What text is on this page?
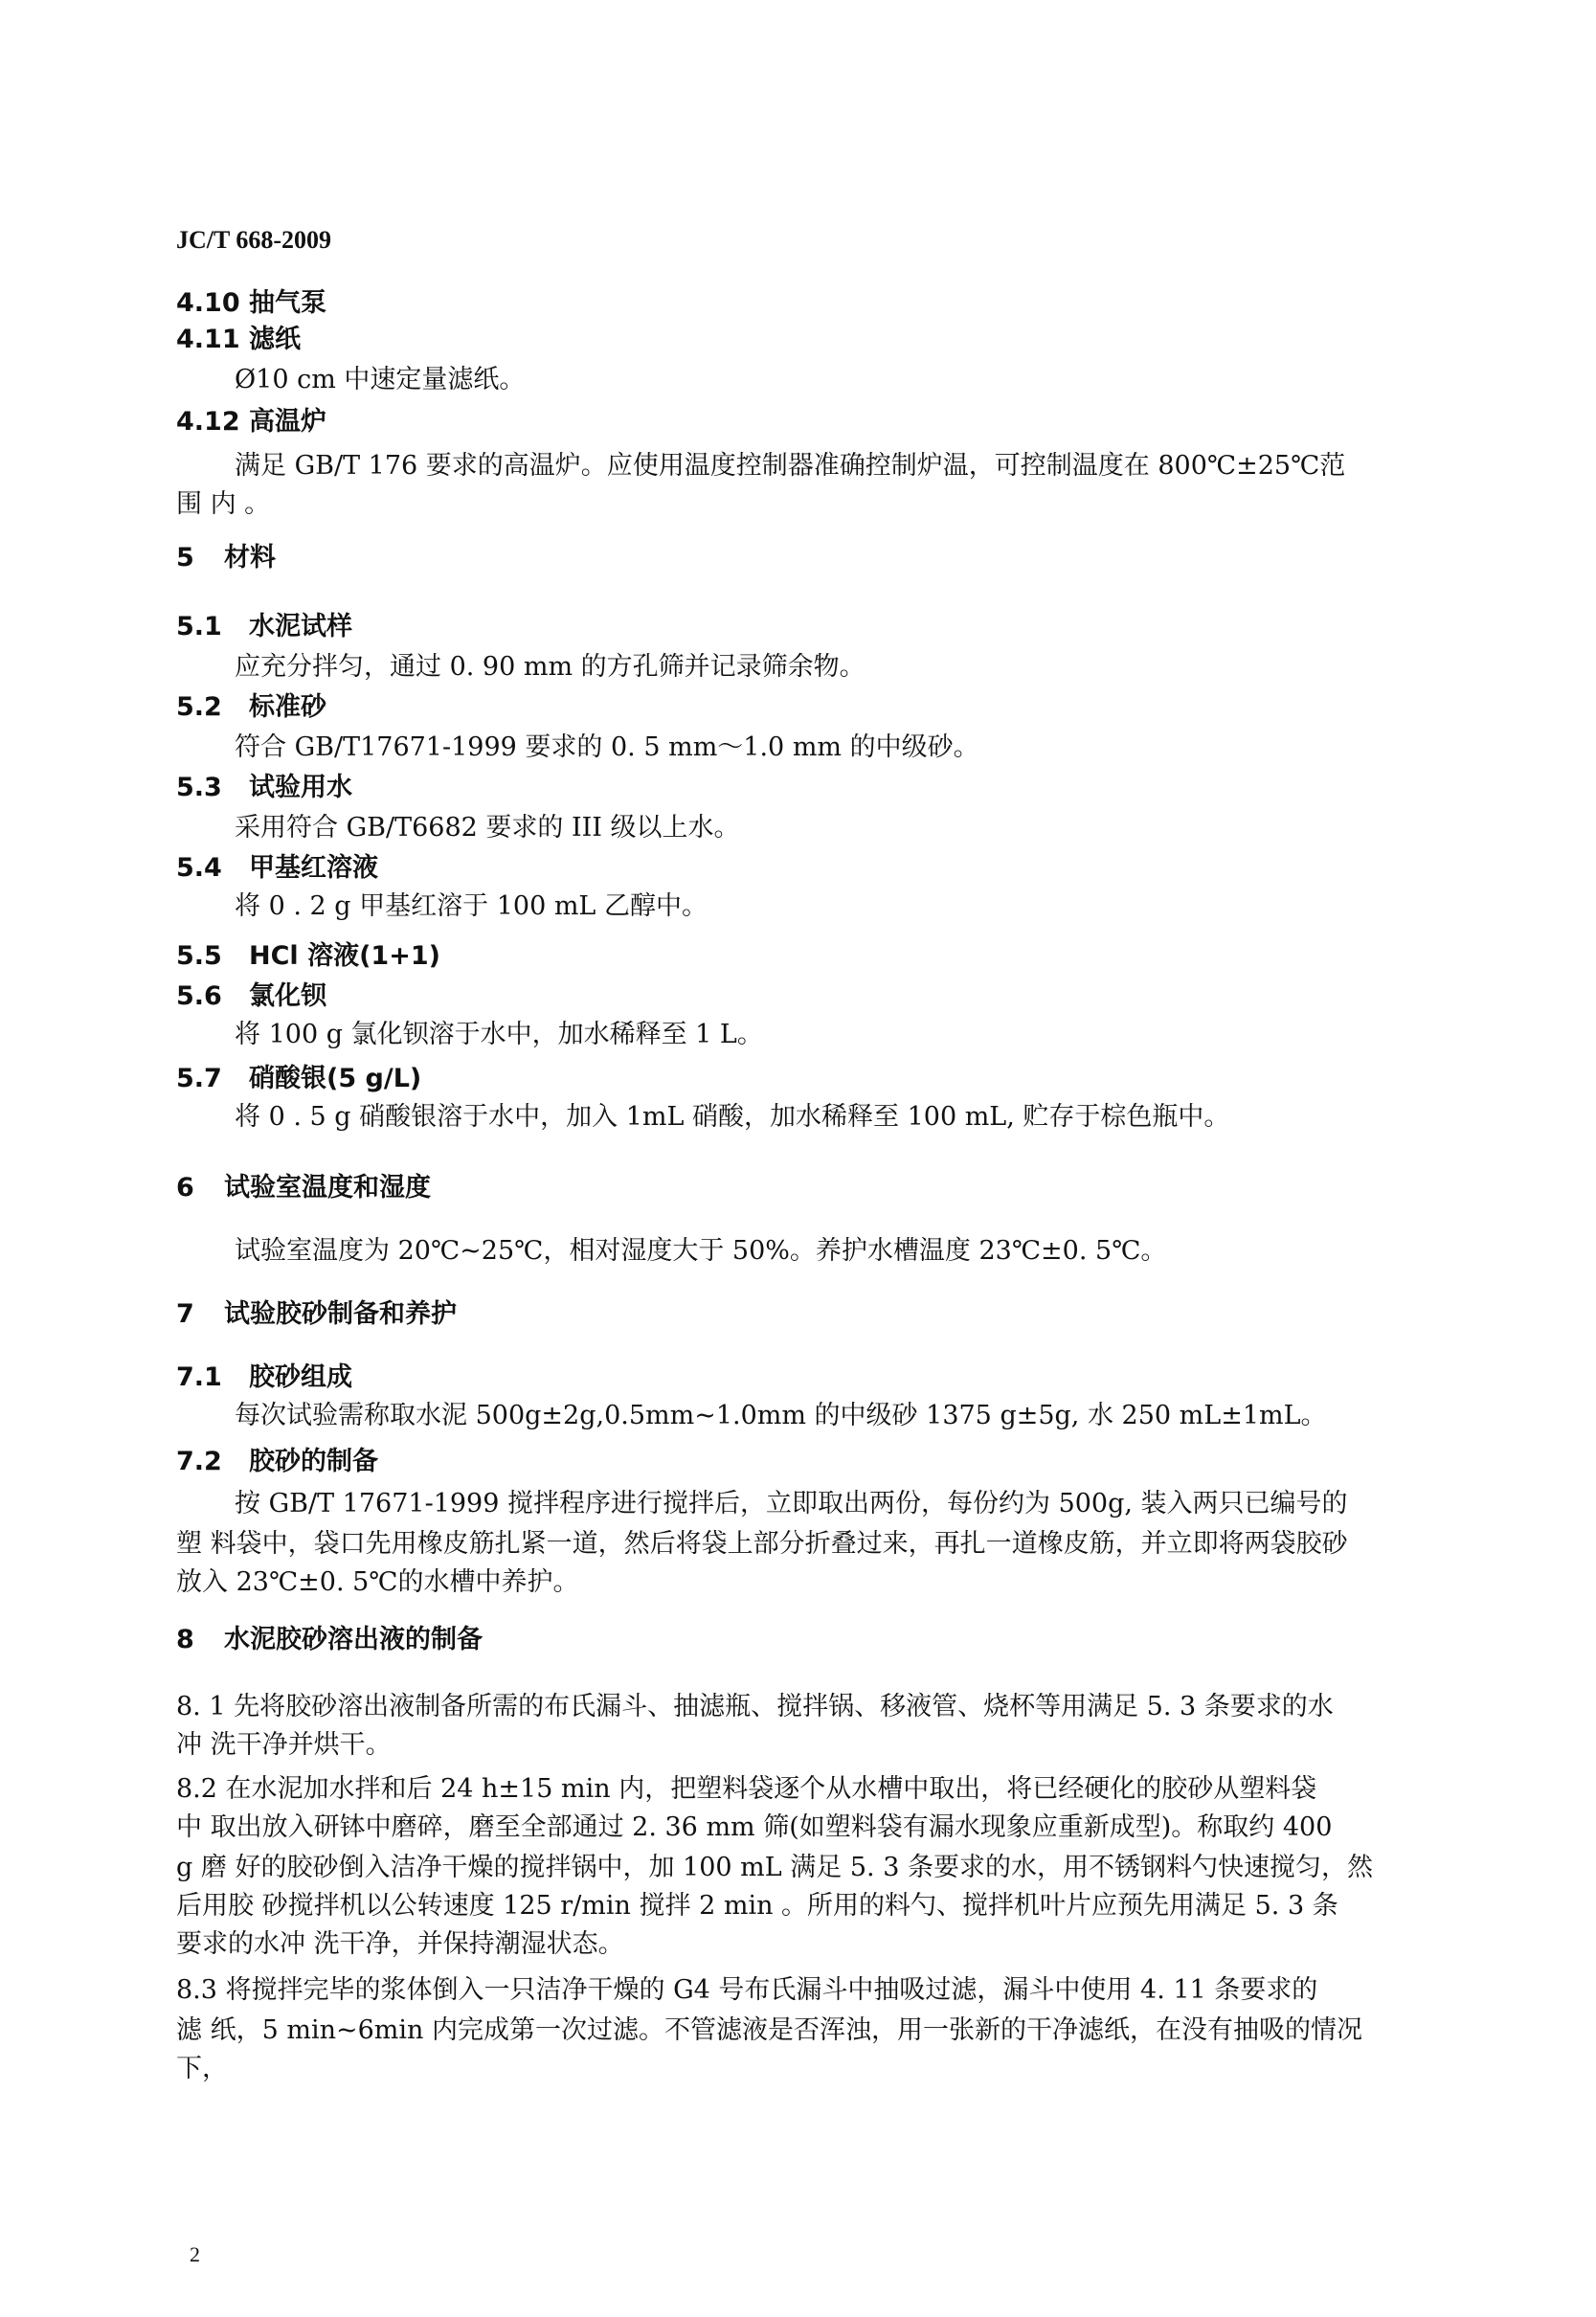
JC/T 668-2009
4.10 抽气泵
4.11 滤纸
Ø10 cm 中速定量滤纸。
4.12 高温炉
满足 GB/T 176 要求的高温炉。应使用温度控制器准确控制炉温，可控制温度在 800℃±25℃范
围 内 。
5 材料
5.1 水泥试样
应充分拌匀，通过 0. 90 mm 的方孔筛并记录筛余物。
5.2 标准砂
符合 GB/T17671-1999 要求的 0. 5 mm～1.0 mm 的中级砂。
5.3 试验用水
采用符合 GB/T6682 要求的 III 级以上水。
5.4 甲基红溶液
将 0 . 2 g 甲基红溶于 100 mL 乙醇中。
5.5 HCl 溶液(1+1)
5.6 氯化钡
将 100 g 氯化钡溶于水中，加水稀释至 1 L。
5.7 硝酸银(5 g/L)
将 0 . 5 g 硝酸银溶于水中，加入 1mL 硝酸，加水稀释至 100 mL, 贮存于棕色瓶中。
6 试验室温度和湿度
试验室温度为 20℃~25℃，相对湿度大于 50%。养护水槽温度 23℃±0. 5℃。
7 试验胶砂制备和养护
7.1 胶砂组成
每次试验需称取水泥 500g±2g,0.5mm~1.0mm 的中级砂 1375 g±5g, 水 250 mL±1mL。
7.2 胶砂的制备
按 GB/T 17671-1999 搅拌程序进行搅拌后，立即取出两份，每份约为 500g, 装入两只已编号的
塑 料袋中，袋口先用橡皮筋扎紧一道，然后将袋上部分折叠过来，再扎一道橡皮筋，并立即将两袋胶砂
放入 23℃±0. 5℃的水槽中养护。
8 水泥胶砂溶出液的制备
8. 1 先将胶砂溶出液制备所需的布氏漏斗、抽滤瓶、搅拌锅、移液管、烧杯等用满足 5. 3 条要求的水
冲 洗干净并烘干。
8.2 在水泥加水拌和后 24 h±15 min 内，把塑料袋逐个从水槽中取出，将已经硬化的胶砂从塑料袋
中 取出放入研钵中磨碎，磨至全部通过 2. 36 mm 筛(如塑料袋有漏水现象应重新成型)。称取约 400
g 磨 好的胶砂倒入洁净干燥的搅拌锅中，加 100 mL 满足 5. 3 条要求的水，用不锈钢料勺快速搅匀，然
后用胶 砂搅拌机以公转速度 125 r/min 搅拌 2 min 。所用的料勺、搅拌机叶片应预先用满足 5. 3 条
要求的水冲 洗干净，并保持潮湿状态。
8.3 将搅拌完毕的浆体倒入一只洁净干燥的 G4 号布氏漏斗中抽吸过滤，漏斗中使用 4. 11 条要求的
滤 纸，5 min~6min 内完成第一次过滤。不管滤液是否浑浊，用一张新的干净滤纸，在没有抽吸的情况
下，
2
